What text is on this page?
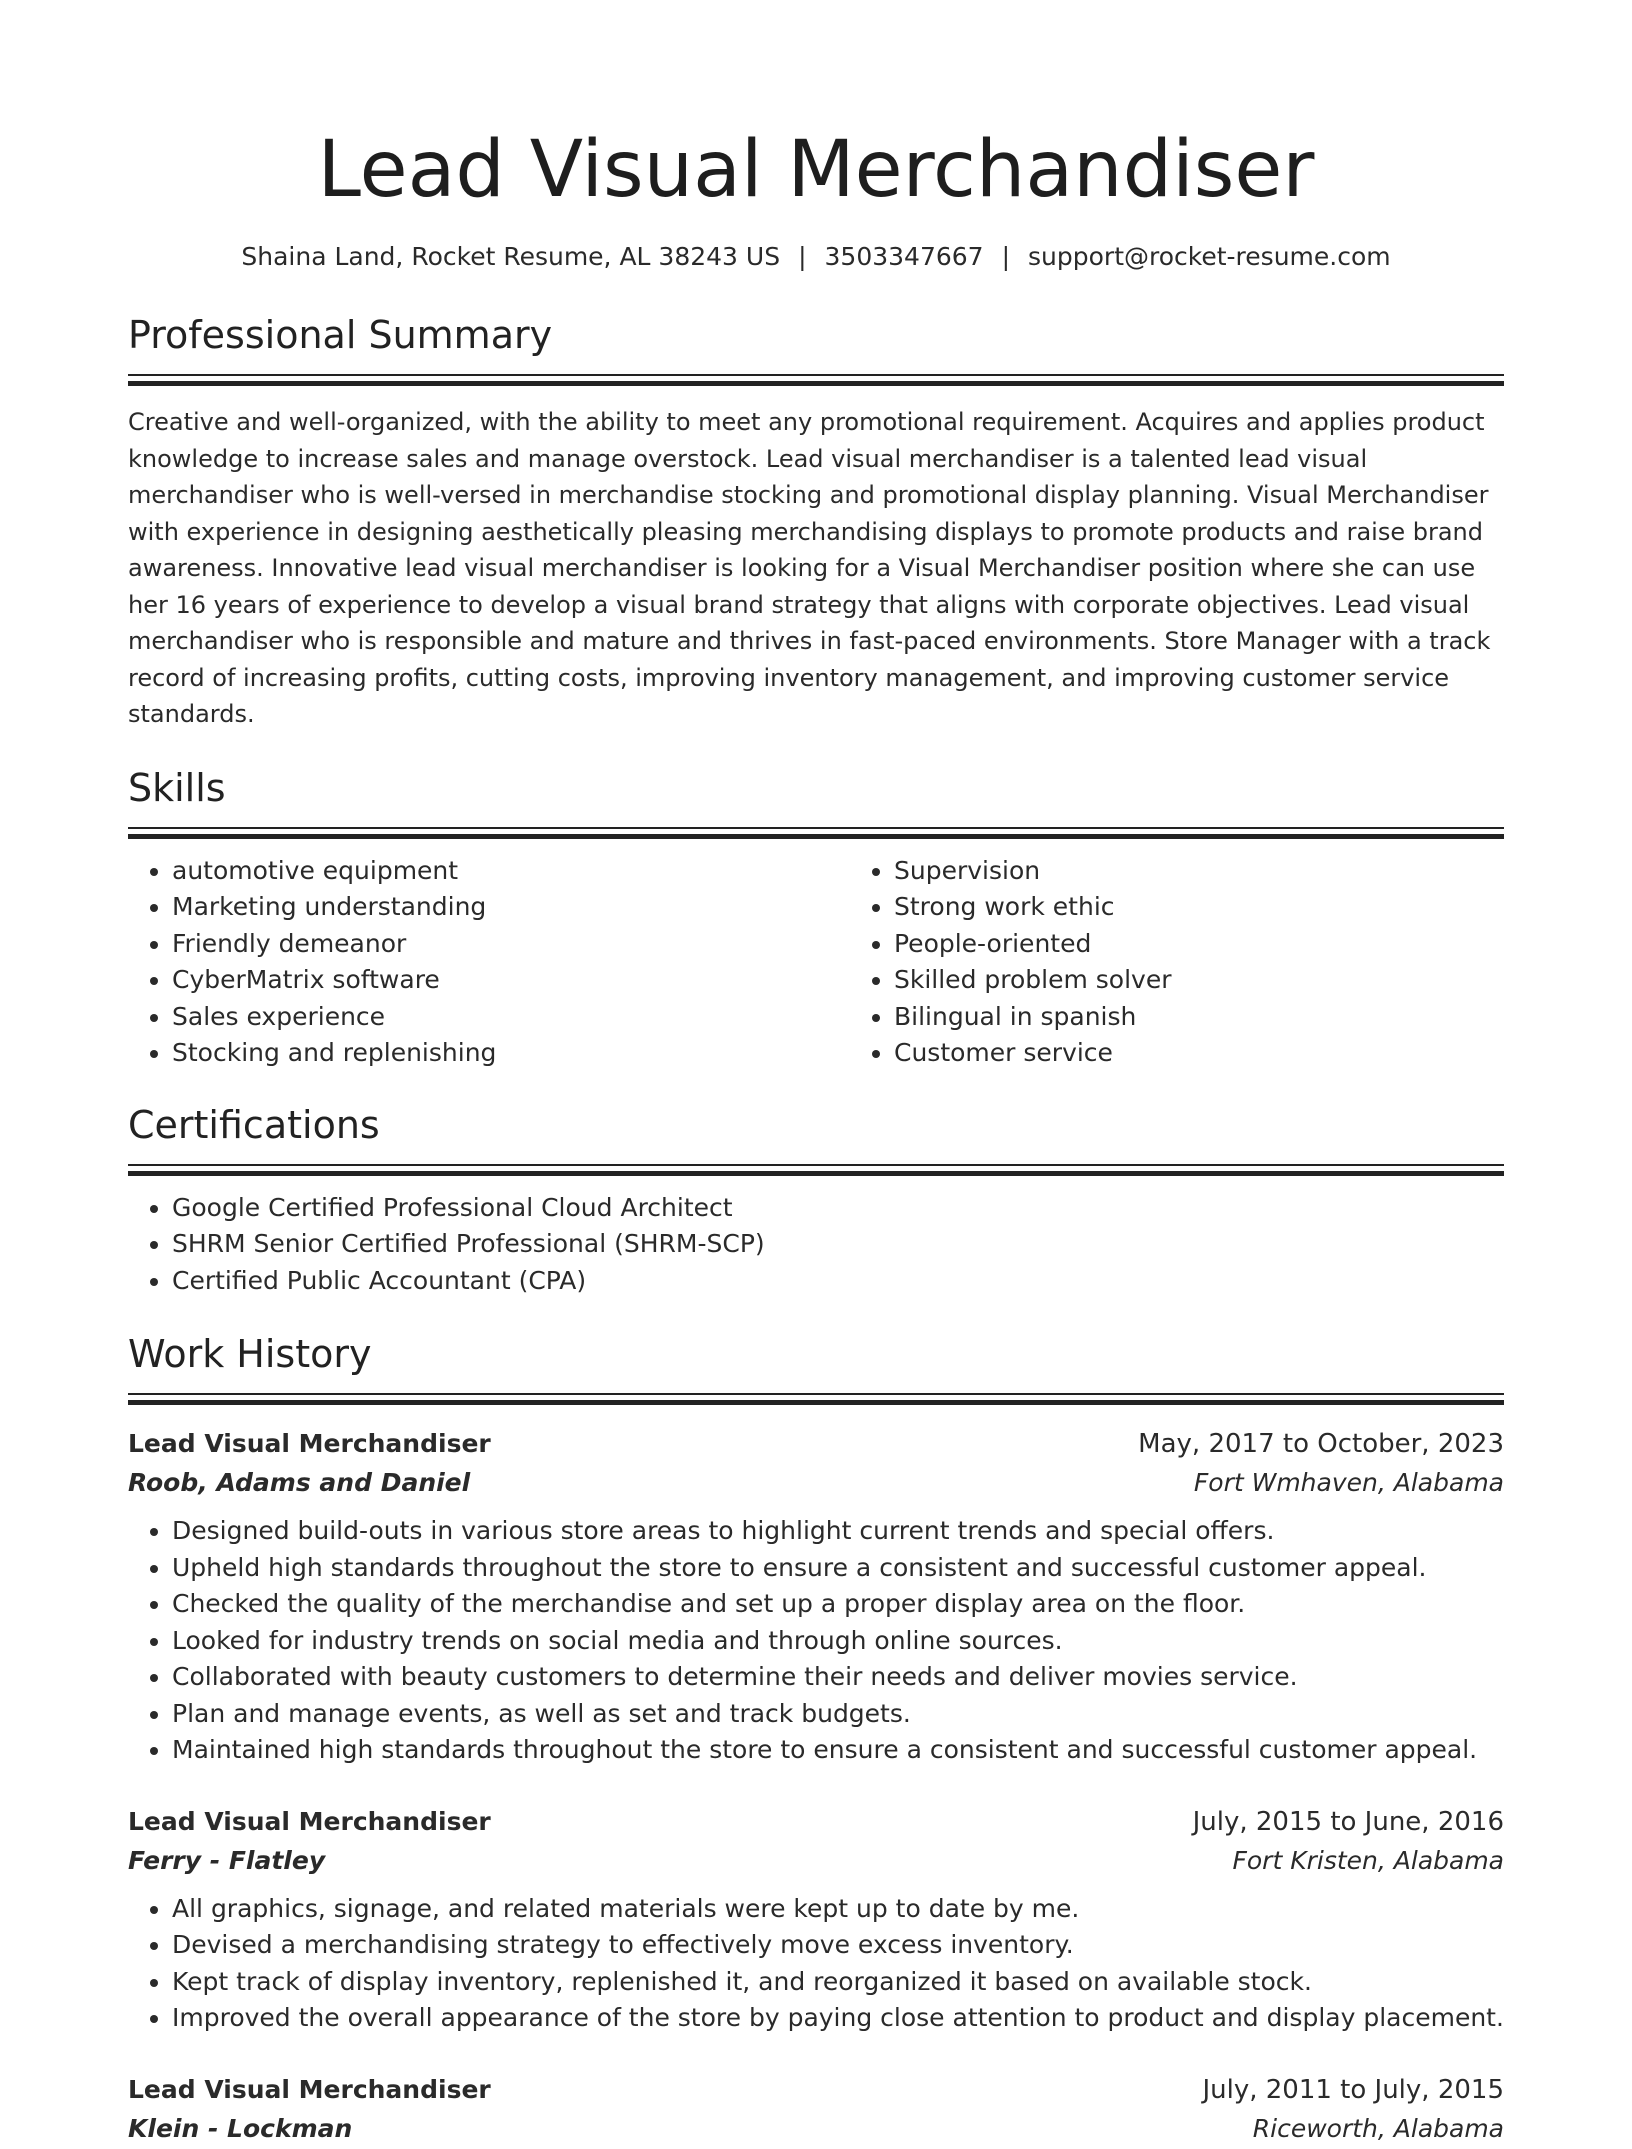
Lead Visual Merchandiser
Shaina Land, Rocket Resume, AL 38243 US | 3503347667 | support@rocket-resume.com
Professional Summary
Creative and well-organized, with the ability to meet any promotional requirement. Acquires and applies product knowledge to increase sales and manage overstock. Lead visual merchandiser is a talented lead visual merchandiser who is well-versed in merchandise stocking and promotional display planning. Visual Merchandiser with experience in designing aesthetically pleasing merchandising displays to promote products and raise brand awareness. Innovative lead visual merchandiser is looking for a Visual Merchandiser position where she can use her 16 years of experience to develop a visual brand strategy that aligns with corporate objectives. Lead visual merchandiser who is responsible and mature and thrives in fast-paced environments. Store Manager with a track record of increasing profits, cutting costs, improving inventory management, and improving customer service standards.
Skills
• automotive equipment
• Marketing understanding
• Friendly demeanor
• CyberMatrix software
• Sales experience
• Stocking and replenishing
• Supervision
• Strong work ethic
• People-oriented
• Skilled problem solver
• Bilingual in spanish
• Customer service
Certifications
• Google Certified Professional Cloud Architect
• SHRM Senior Certified Professional (SHRM-SCP)
• Certified Public Accountant (CPA)
Work History
Lead Visual Merchandiser	May, 2017 to October, 2023
Roob, Adams and Daniel	Fort Wmhaven, Alabama
• Designed build-outs in various store areas to highlight current trends and special offers.
• Upheld high standards throughout the store to ensure a consistent and successful customer appeal.
• Checked the quality of the merchandise and set up a proper display area on the floor.
• Looked for industry trends on social media and through online sources.
• Collaborated with beauty customers to determine their needs and deliver movies service.
• Plan and manage events, as well as set and track budgets.
• Maintained high standards throughout the store to ensure a consistent and successful customer appeal.
Lead Visual Merchandiser	July, 2015 to June, 2016
Ferry - Flatley	Fort Kristen, Alabama
• All graphics, signage, and related materials were kept up to date by me.
• Devised a merchandising strategy to effectively move excess inventory.
• Kept track of display inventory, replenished it, and reorganized it based on available stock.
• Improved the overall appearance of the store by paying close attention to product and display placement.
Lead Visual Merchandiser	July, 2011 to July, 2015
Klein - Lockman	Riceworth, Alabama
